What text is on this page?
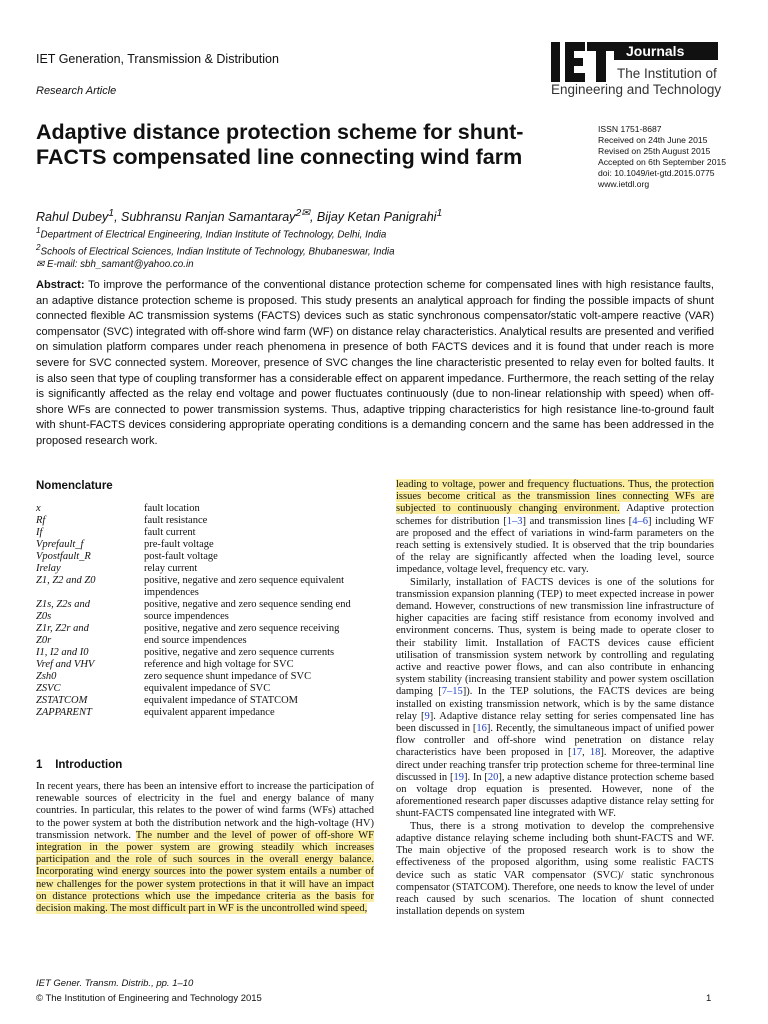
IET Generation, Transmission & Distribution
Research Article
Journals
The Institution of
Engineering and Technology
Adaptive distance protection scheme for shunt-FACTS compensated line connecting wind farm
ISSN 1751-8687
Received on 24th June 2015
Revised on 25th August 2015
Accepted on 6th September 2015
doi: 10.1049/iet-gtd.2015.0775
www.ietdl.org
Rahul Dubey$^1$, Subhransu Ranjan Samantaray$^{2✉}$, Bijay Ketan Panigrahi$^1$
$^1$Department of Electrical Engineering, Indian Institute of Technology, Delhi, India
$^2$Schools of Electrical Sciences, Indian Institute of Technology, Bhubaneswar, India
✉ E-mail: sbh_samant@yahoo.co.in
Abstract: To improve the performance of the conventional distance protection scheme for compensated lines with high resistance faults, an adaptive distance protection scheme is proposed. This study presents an analytical approach for finding the possible impacts of shunt connected flexible AC transmission systems (FACTS) devices such as static synchronous compensator/static volt-ampere reactive (VAR) compensator (SVC) integrated with off-shore wind farm (WF) on distance relay characteristics. Analytical results are presented and verified on simulation platform compares under reach phenomena in presence of both FACTS devices and it is found that under reach is more severe for SVC connected system. Moreover, presence of SVC changes the line characteristic presented to relay even for bolted faults. It is also seen that type of coupling transformer has a considerable effect on apparent impedance. Furthermore, the reach setting of the relay is significantly affected as the relay end voltage and power fluctuates continuously (due to non-linear relationship with speed) when off-shore WFs are connected to power transmission systems. Thus, adaptive tripping characteristics for high resistance line-to-ground fault with shunt-FACTS devices considering appropriate operating conditions is a demanding concern and the same has been addressed in the proposed research work.
Nomenclature
x	fault location
Rf	fault resistance
If	fault current
Vprefault_f	pre-fault voltage
Vpostfault_R	post-fault voltage
Irelay	relay current
Z1, Z2 and Z0	positive, negative and zero sequence equivalent
impendences
Z1s, Z2s and	positive, negative and zero sequence sending end
Z0s	source impendences
Z1r, Z2r and	positive, negative and zero sequence receiving
Z0r	end source impendences
I1, I2 and I0	positive, negative and zero sequence currents
Vref and VHV	reference and high voltage for SVC
Zsh0	zero sequence shunt impedance of SVC
ZSVC	equivalent impedance of SVC
ZSTATCOM	equivalent impedance of STATCOM
ZAPPARENT	equivalent apparent impedance
1 Introduction
In recent years, there has been an intensive effort to increase the participation of renewable sources of electricity in the fuel and energy balance of many countries. In particular, this relates to the power of wind farms (WFs) attached to the power system at both the distribution network and the high-voltage (HV) transmission network. The number and the level of power of off-shore WF integration in the power system are growing steadily which increases participation and the role of such sources in the overall energy balance. Incorporating wind energy sources into the power system entails a number of new challenges for the power system protections in that it will have an impact on distance protections which use the impedance criteria as the basis for decision making. The most difficult part in WF is the uncontrolled wind speed,

leading to voltage, power and frequency fluctuations. Thus, the protection issues become critical as the transmission lines connecting WFs are subjected to continuously changing environment. Adaptive protection schemes for distribution [1–3] and transmission lines [4–6] including WF are proposed and the effect of variations in wind-farm parameters on the reach setting is extensively studied. It is observed that the trip boundaries of the relay are significantly affected when the loading level, source impedance, voltage level, frequency etc. vary.

Similarly, installation of FACTS devices is one of the solutions for transmission expansion planning (TEP) to meet expected increase in power demand. However, constructions of new transmission line infrastructure of higher capacities are facing stiff resistance from economy involved and environment concerns. Thus, system is being made to operate closer to their stability limit. Installation of FACTS devices cause efficient utilisation of transmission system network by controlling and regulating active and reactive power flows, and can also contribute in enhancing system stability (increasing transient stability and power system oscillation damping [7–15]). In the TEP solutions, the FACTS devices are being installed on existing transmission network, which is by the same distance relay [9]. Adaptive distance relay setting for series compensated line has been discussed in [16]. Recently, the simultaneous impact of unified power flow controller and off-shore wind penetration on distance relay characteristics have been proposed in [17, 18]. Moreover, the adaptive direct under reaching transfer trip protection scheme for three-terminal line discussed in [19]. In [20], a new adaptive distance protection scheme based on voltage drop equation is presented. However, none of the aforementioned research paper discusses adaptive distance relay setting for shunt-FACTS compensated line integrated with WF.

Thus, there is a strong motivation to develop the comprehensive adaptive distance relaying scheme including both shunt-FACTS and WF. The main objective of the proposed research work is to show the effectiveness of the proposed algorithm, using some realistic FACTS device such as static VAR compensator (SVC)/ static synchronous compensator (STATCOM). Therefore, one needs to know the level of under reach caused by such scenarios. The location of shunt connected installation depends on system

IET Gener. Transm. Distrib., pp. 1–10
© The Institution of Engineering and Technology 2015	1
